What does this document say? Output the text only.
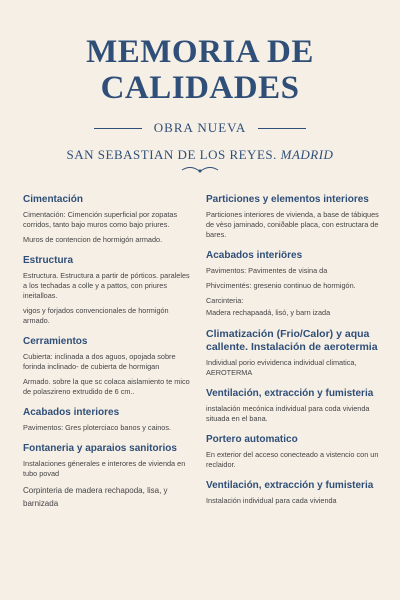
MEMORIA DE
CALIDADES
OBRA NUEVA
SAN SEBASTIAN DE LOS REYES. MADRID

Cimentación

Cimentación: Cimención superficial por zopatas corridos, tanto bajo muros como bajo priures.

Muros de contencion de hormigón armado.

Estructura

Estructura. Estructura a partir de pórticos. paraleles a los techadas a colle y a pattos, con priures ineitalloas.

vigos y forjados convencionales de hormigón armado.

Cerramientos

Cubierta: inclinada a dos aguos, opojada sobre forinda inclinado- de cubierta de hormigan

Armado. sobre la que sc colaca aislamiento te mico de polaszireno extrudido de 6 cm..

Acabados interiores

Pavimentos: Gres ploterciaco banos y cainos.

Fontaneria y aparaios sanitorios

Instalaciones génerales e interores de vivienda en tubo povad

Corpinteria de madera rechapoda, lisa, y barnizada

Particiones y elementos interiores

Particiones interiores de vivienda, a base de tábiques de vèso jaminado, coniðable placa, con estructara de bares.

Acabados interiöres

Pavimentos: Pavimentes de visina da

Phivcimentés: gresenio continuo de hormigón.

Carcinteria:

Madera rechapaadá, lisó, y barn izada

Climatización (Frio/Calor) y aqua callente. Instalación de aerotermia

Individual porio evividenca individual climatica, AEROTERMA

Ventilación, extracción y fumisteria

instalación mecónica individual para coda vivienda situada en el bana.

Portero automatico

En exterior del acceso conecteado a vistencio con un reclaidor.

Ventilación, extracción y fumisteria

Instalación individual para cada vivienda
